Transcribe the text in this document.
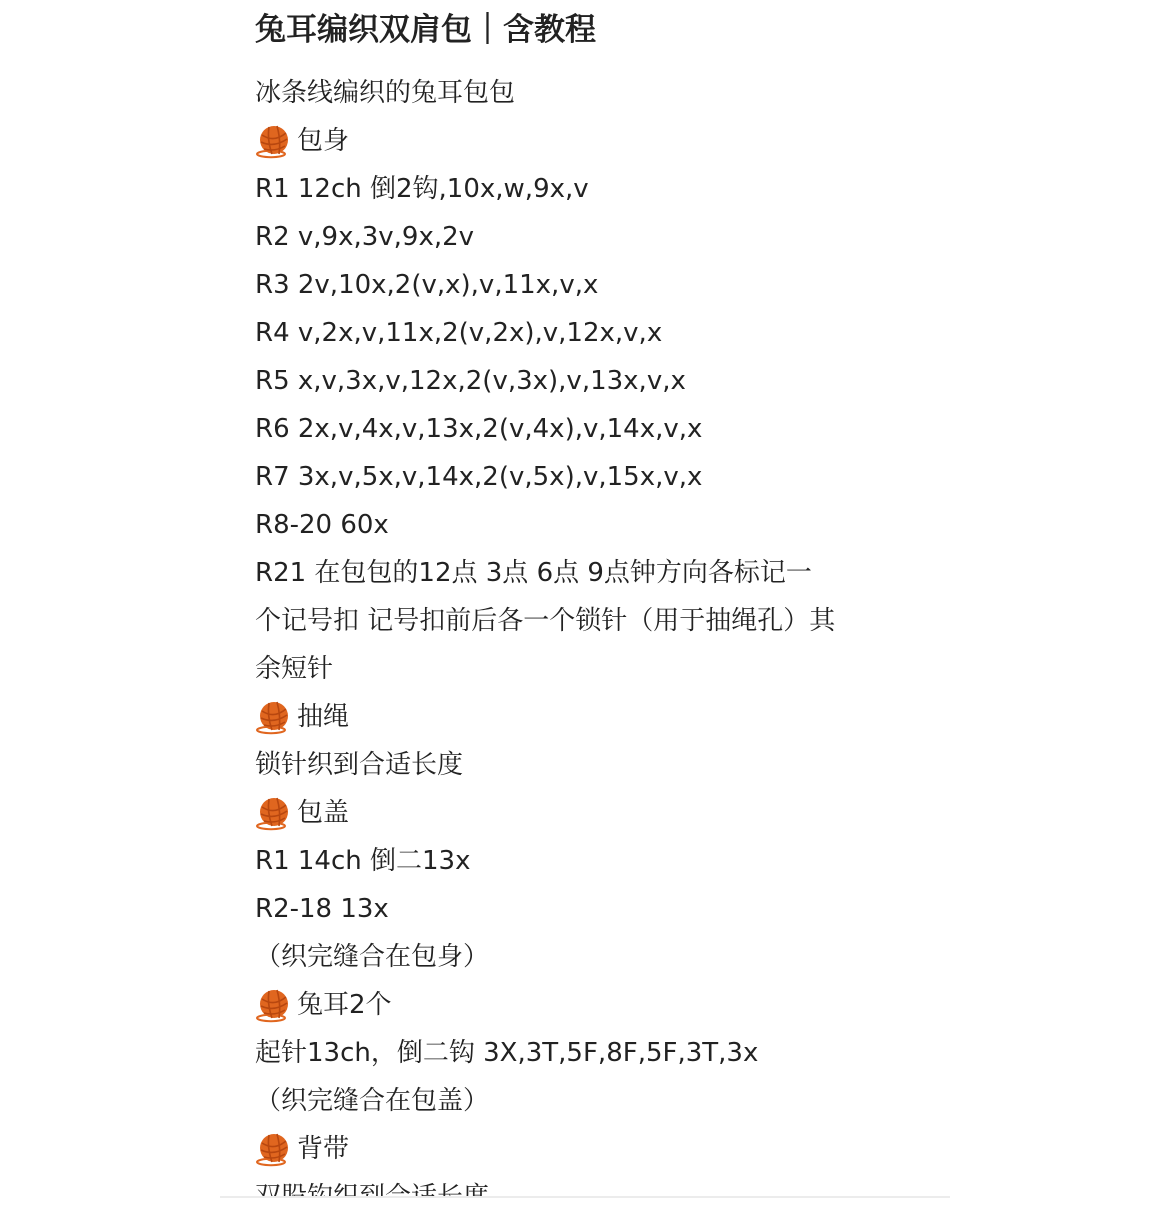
兔耳编织双肩包｜含教程
冰条线编织的兔耳包包
包身
R1 12ch 倒2钩,10x,w,9x,v
R2 v,9x,3v,9x,2v
R3 2v,10x,2(v,x),v,11x,v,x
R4 v,2x,v,11x,2(v,2x),v,12x,v,x
R5 x,v,3x,v,12x,2(v,3x),v,13x,v,x
R6 2x,v,4x,v,13x,2(v,4x),v,14x,v,x
R7 3x,v,5x,v,14x,2(v,5x),v,15x,v,x
R8-20 60x
R21 在包包的12点 3点 6点 9点钟方向各标记一
个记号扣 记号扣前后各一个锁针（用于抽绳孔）其
余短针
抽绳
锁针织到合适长度
包盖
R1 14ch 倒二13x
R2-18 13x
（织完缝合在包身）
兔耳2个
起针13ch，倒二钩 3X,3T,5F,8F,5F,3T,3x
（织完缝合在包盖）
背带
